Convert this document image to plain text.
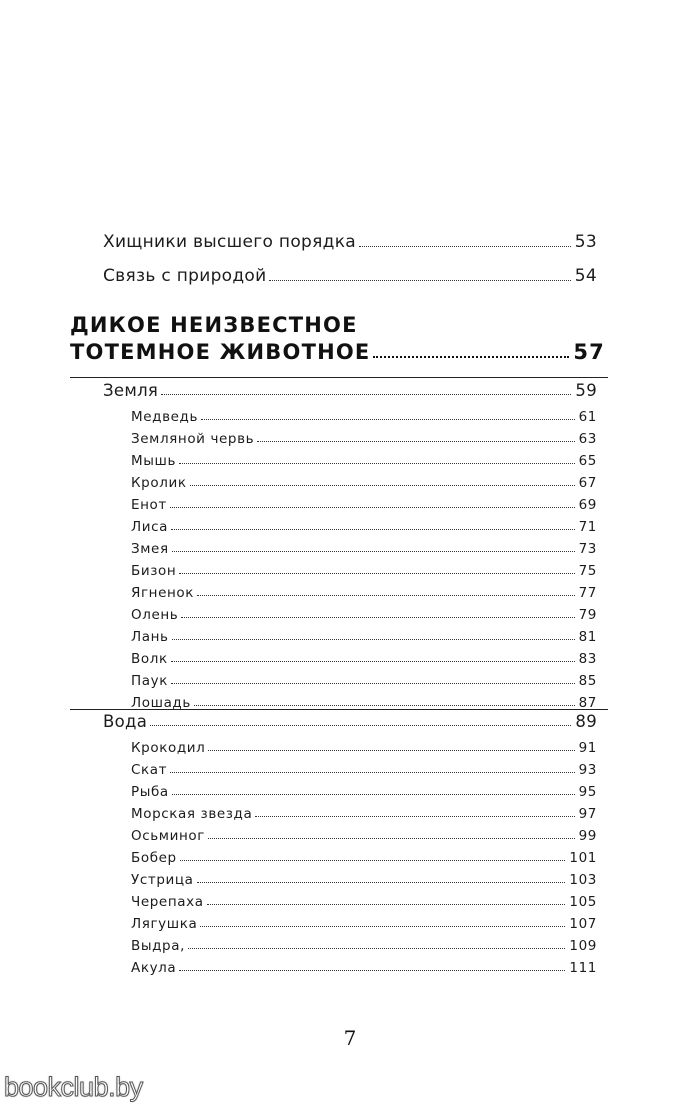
Хищники высшего порядка	53
Связь с природой	54
ДИКОЕ НЕИЗВЕСТНОЕ
ТОТЕМНОЕ ЖИВОТНОЕ	57
Земля	59
Медведь	61
Земляной червь	63
Мышь	65
Кролик	67
Енот	69
Лиса	71
Змея	73
Бизон	75
Ягненок	77
Олень	79
Лань	81
Волк	83
Паук	85
Лошадь	87
Вода	89
Крокодил	91
Скат	93
Рыба	95
Морская звезда	97
Осьминог	99
Бобер	101
Устрица	103
Черепаха	105
Лягушка	107
Выдра,	109
Акула	111
7
bookclub.by
